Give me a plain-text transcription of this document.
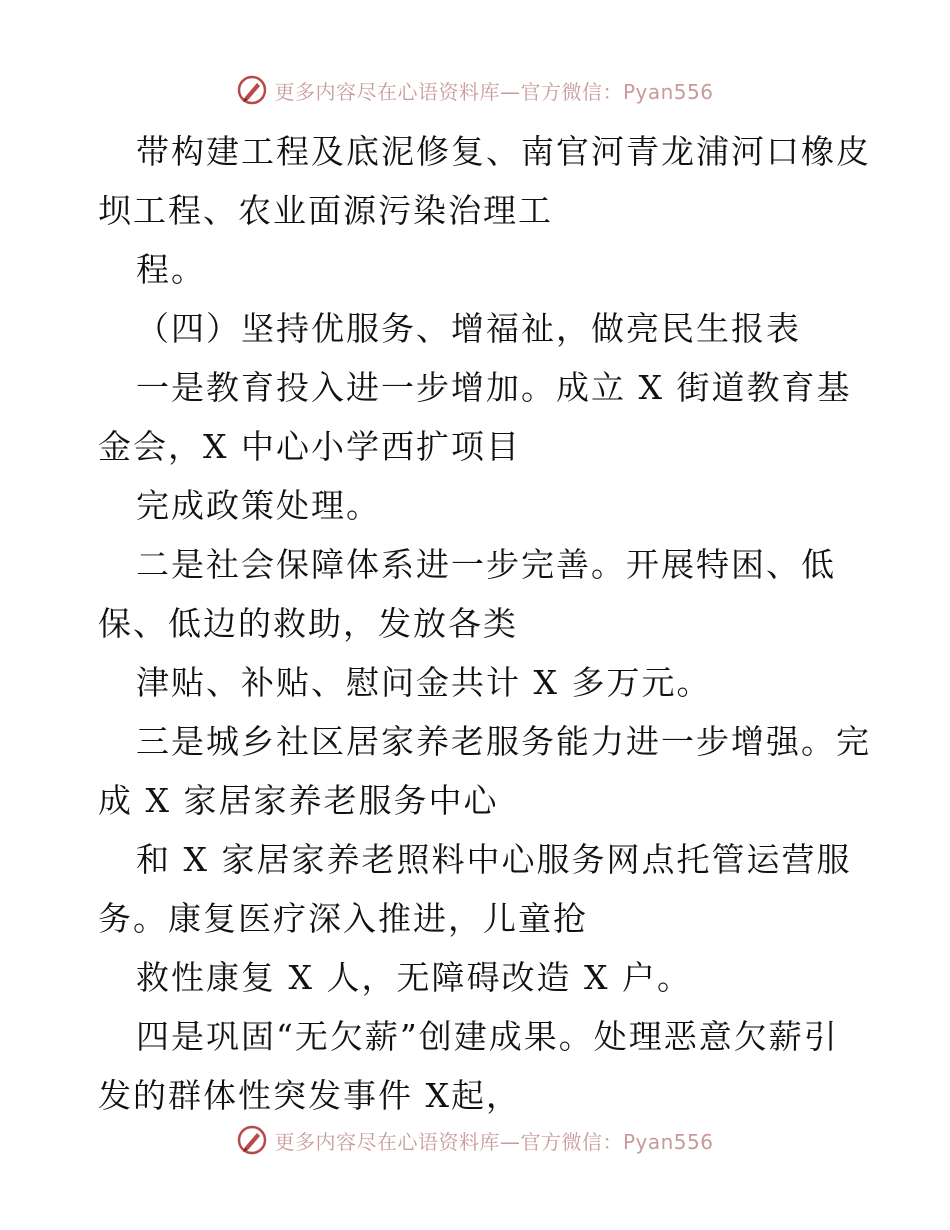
更多内容尽在心语资料库—官方微信：Pyan556
带构建工程及底泥修复、南官河青龙浦河口橡皮
坝工程、农业面源污染治理工
程。
（四）坚持优服务、增福祉，做亮民生报表
一是教育投入进一步增加。成立 X 街道教育基
金会，X 中心小学西扩项目
完成政策处理。
二是社会保障体系进一步完善。开展特困、低
保、低边的救助，发放各类
津贴、补贴、慰问金共计 X 多万元。
三是城乡社区居家养老服务能力进一步增强。完
成 X 家居家养老服务中心
和 X 家居家养老照料中心服务网点托管运营服
务。康复医疗深入推进，儿童抢
救性康复 X 人，无障碍改造 X 户。
四是巩固“无欠薪”创建成果。处理恶意欠薪引
发的群体性突发事件 X起，
更多内容尽在心语资料库—官方微信：Pyan556
